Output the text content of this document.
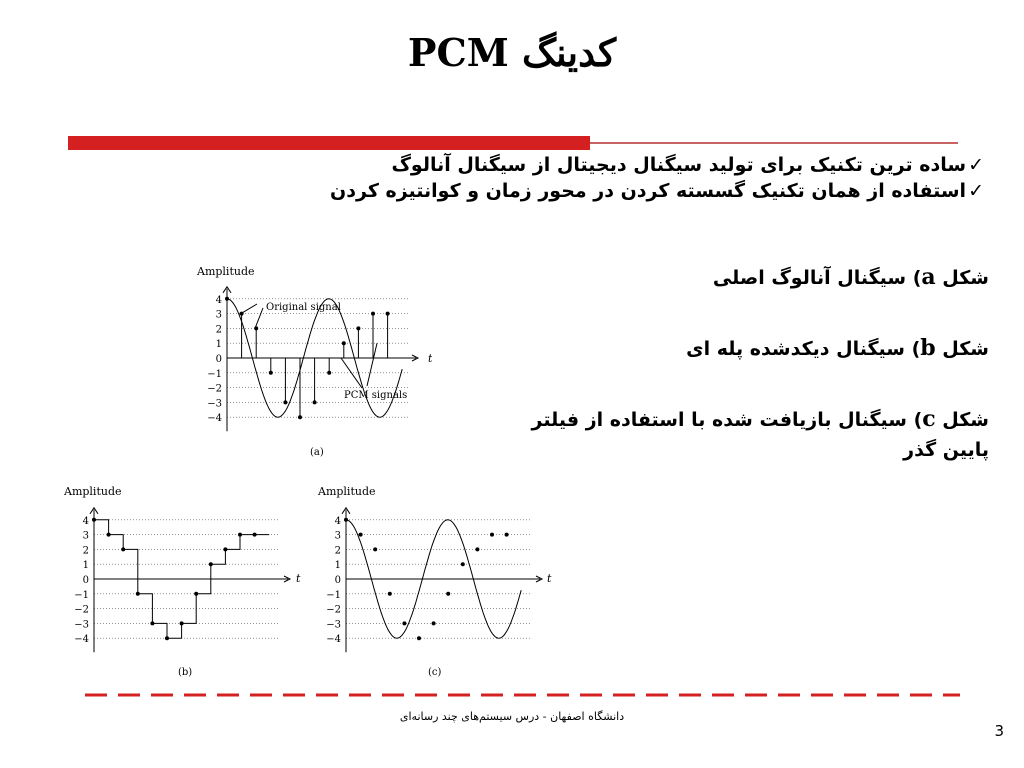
کدینگ PCM
✓ساده ترین تکنیک برای تولید سیگنال دیجیتال از سیگنال آنالوگ
✓استفاده از همان تکنیک گسسته کردن در محور زمان و کوانتیزه کردن
شکل a) سیگنال آنالوگ اصلی
شکل b) سیگنال دیکدشده پله ای
شکل c) سیگنال بازیافت شده با استفاده از فیلتر پایین گذر
Amplitude
t
(a)
Original signal
PCM signals
4
3
2
1
0
−1
−2
−3
−4
Amplitude
t
(b)
4
3
2
1
0
−1
−2
−3
−4
Amplitude
t
(c)
4
3
2
1
0
−1
−2
−3
−4
دانشگاه اصفهان - درس سیستم‌های چند رسانه‌ای
3
